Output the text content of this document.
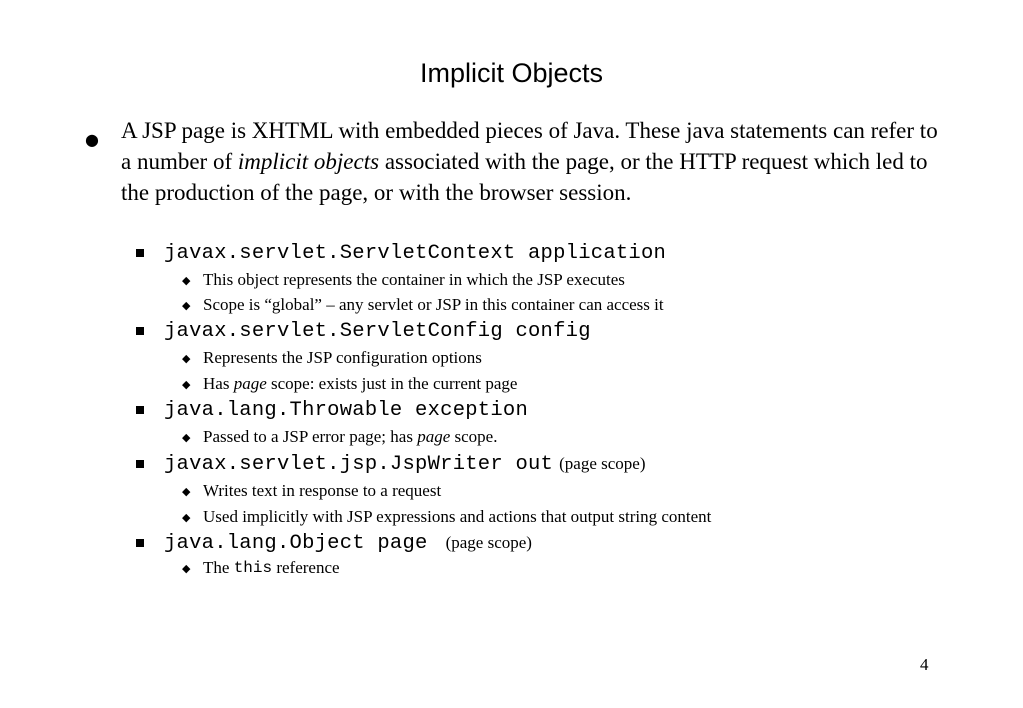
Implicit Objects
● A JSP page is XHTML with embedded pieces of Java. These java statements can refer to a number of implicit objects associated with the page, or the HTTP request which led to the production of the page, or with the browser session.
javax.servlet.ServletContext application
◆ This object represents the container in which the JSP executes
◆ Scope is “global” – any servlet or JSP in this container can access it
javax.servlet.ServletConfig config
◆ Represents the JSP configuration options
◆ Has page scope: exists just in the current page
java.lang.Throwable exception
◆ Passed to a JSP error page; has page scope.
javax.servlet.jsp.JspWriter out (page scope)
◆ Writes text in response to a request
◆ Used implicitly with JSP expressions and actions that output string content
java.lang.Object page (page scope)
◆ The this reference
4
